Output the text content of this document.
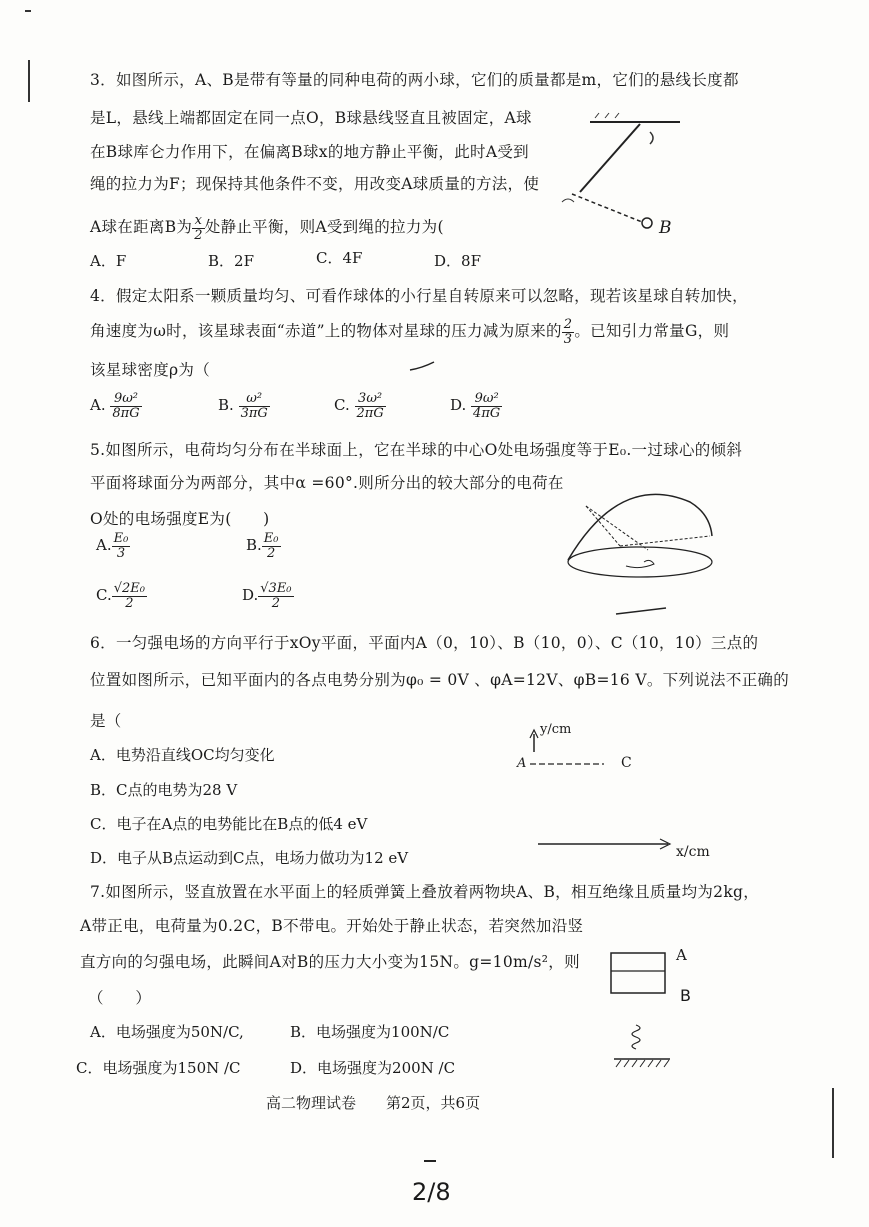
3．如图所示，A、B是带有等量的同种电荷的两小球，它们的质量都是m，它们的悬线长度都
是L，悬线上端都固定在同一点O，B球悬线竖直且被固定，A球
在B球库仑力作用下，在偏离B球x的地方静止平衡，此时A受到
绳的拉力为F；现保持其他条件不变，用改变A球质量的方法，使
A球在距离B为 $\frac{x}{2}$ 处静止平衡，则A受到绳的拉力为(
A．F	B．2F	C．4F	D．8F
B
4．假定太阳系一颗质量均匀、可看作球体的小行星自转原来可以忽略，现若该星球自转加快，
角速度为ω时，该星球表面“赤道”上的物体对星球的压力减为原来的 $\frac{2}{3}$ 。已知引力常量G，则
该星球密度ρ为（
A. $\frac{\text{9ω²}}{8\pi G}$	B. $\frac{\text{ω²}}{3\pi G}$	C. $\frac{\text{3ω²}}{2\pi G}$	D. $\frac{\text{9ω²}}{4\pi G}$
5.如图所示，电荷均匀分布在半球面上，它在半球的中心O处电场强度等于E₀.一过球心的倾斜
平面将球面分为两部分，其中α =60°.则所分出的较大部分的电荷在
O处的电场强度E为(　　)
A. $\frac{\text{E₀}}{3}$	B. $\frac{\text{E₀}}{2}$
C. $\frac{\text{√2E₀}}{2}$	D. $\frac{\text{√3E₀}}{2}$
6．一匀强电场的方向平行于xOy平面，平面内A（0，10）、B（10，0）、C（10，10）三点的
位置如图所示，已知平面内的各点电势分别为φ₀ = 0V 、φA=12V、φB=16 V。下列说法不正确的
是（
A．电势沿直线OC均匀变化
B．C点的电势为28 V
C．电子在A点的电势能比在B点的低4 eV
D．电子从B点运动到C点，电场力做功为12 eV
y/cm
A	C
x/cm
7.如图所示，竖直放置在水平面上的轻质弹簧上叠放着两物块A、B，相互绝缘且质量均为2kg，
A带正电，电荷量为0.2C，B不带电。开始处于静止状态，若突然加沿竖
直方向的匀强电场，此瞬间A对B的压力大小变为15N。g=10m/s²，则
（　　）
A．电场强度为50N/C,	B．电场强度为100N/C
C．电场强度为150N /C	D．电场强度为200N /C
A
B
高二物理试卷　　第2页，共6页
2/8
